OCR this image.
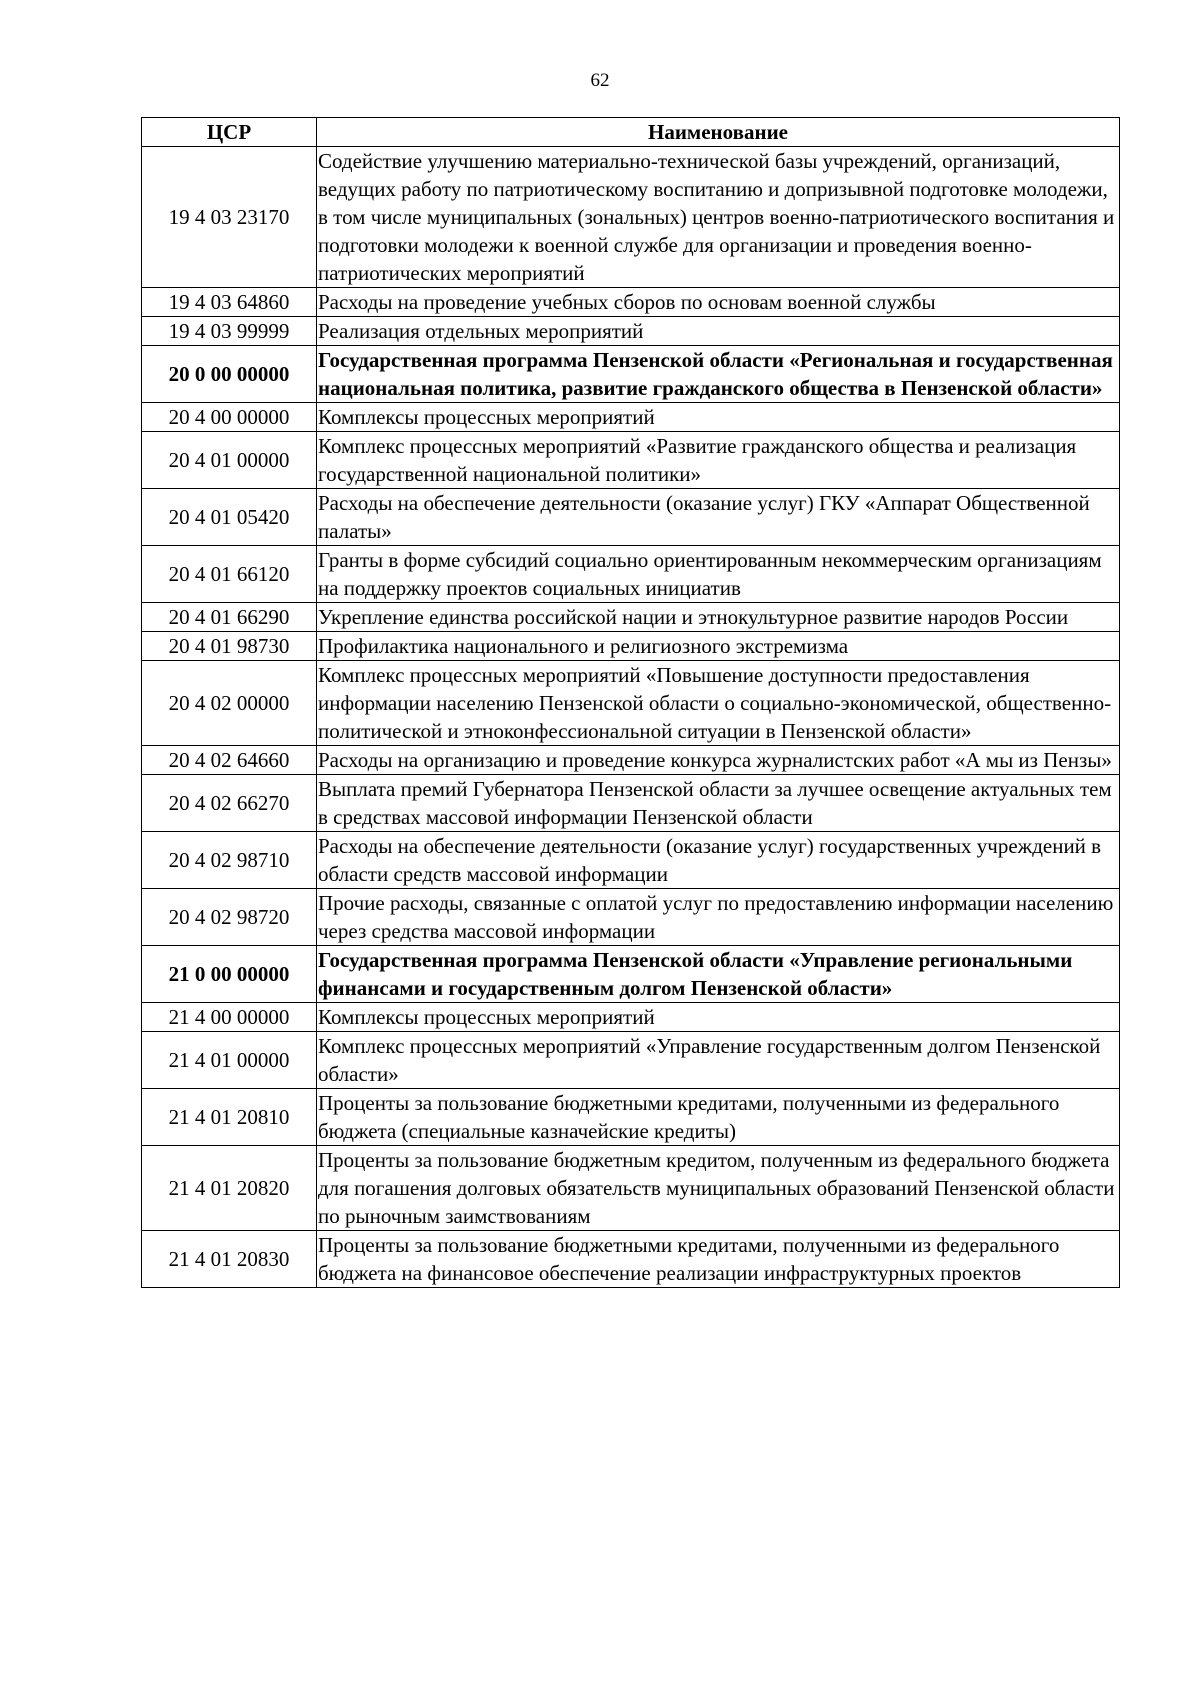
62
ЦСР	Наименование
19 4 03 23170	Содействие улучшению материально-технической базы учреждений, организаций, ведущих работу по патриотическому воспитанию и допризывной подготовке молодежи, в том числе муниципальных (зональных) центров военно-патриотического воспитания и подготовки молодежи к военной службе для организации и проведения военно-патриотических мероприятий
19 4 03 64860	Расходы на проведение учебных сборов по основам военной службы
19 4 03 99999	Реализация отдельных мероприятий
20 0 00 00000	Государственная программа Пензенской области «Региональная и государственная национальная политика, развитие гражданского общества в Пензенской области»
20 4 00 00000	Комплексы процессных мероприятий
20 4 01 00000	Комплекс процессных мероприятий «Развитие гражданского общества и реализация государственной национальной политики»
20 4 01 05420	Расходы на обеспечение деятельности (оказание услуг) ГКУ «Аппарат Общественной палаты»
20 4 01 66120	Гранты в форме субсидий социально ориентированным некоммерческим организациям на поддержку проектов социальных инициатив
20 4 01 66290	Укрепление единства российской нации и этнокультурное развитие народов России
20 4 01 98730	Профилактика национального и религиозного экстремизма
20 4 02 00000	Комплекс процессных мероприятий «Повышение доступности предоставления информации населению Пензенской области о социально-экономической, общественно-политической и этноконфессиональной ситуации в Пензенской области»
20 4 02 64660	Расходы на организацию и проведение конкурса журналистских работ «А мы из Пензы»
20 4 02 66270	Выплата премий Губернатора Пензенской области за лучшее освещение актуальных тем в средствах массовой информации Пензенской области
20 4 02 98710	Расходы на обеспечение деятельности (оказание услуг) государственных учреждений в области средств массовой информации
20 4 02 98720	Прочие расходы, связанные с оплатой услуг по предоставлению информации населению через средства массовой информации
21 0 00 00000	Государственная программа Пензенской области «Управление региональными финансами и государственным долгом Пензенской области»
21 4 00 00000	Комплексы процессных мероприятий
21 4 01 00000	Комплекс процессных мероприятий «Управление государственным долгом Пензенской области»
21 4 01 20810	Проценты за пользование бюджетными кредитами, полученными из федерального бюджета (специальные казначейские кредиты)
21 4 01 20820	Проценты за пользование бюджетным кредитом, полученным из федерального бюджета для погашения долговых обязательств муниципальных образований Пензенской области по рыночным заимствованиям
21 4 01 20830	Проценты за пользование бюджетными кредитами, полученными из федерального бюджета на финансовое обеспечение реализации инфраструктурных проектов
